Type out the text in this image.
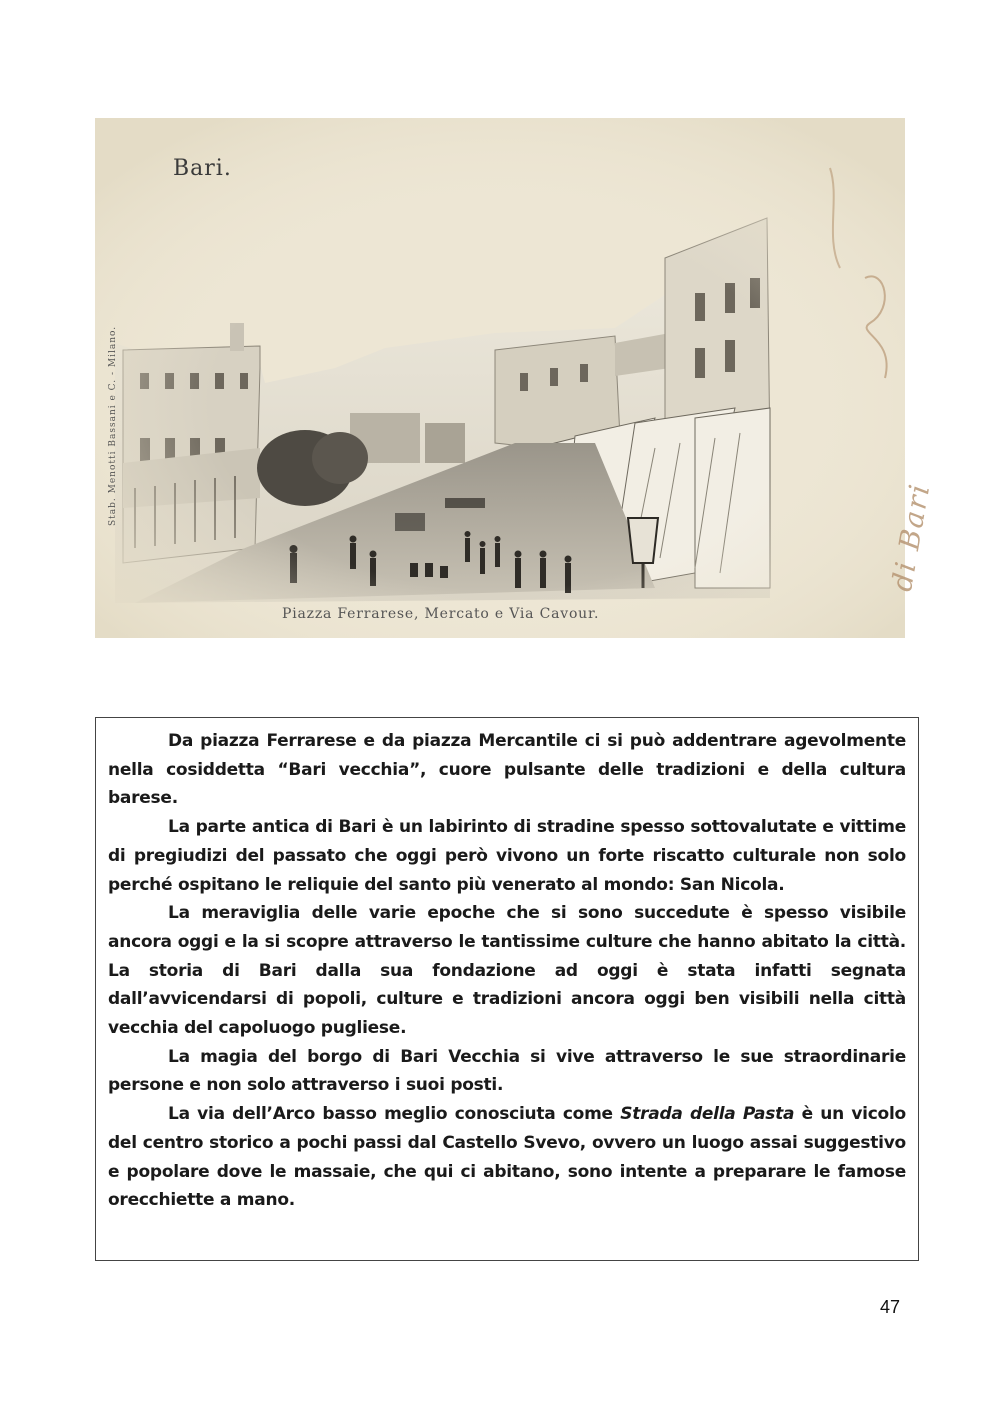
Bari.
Piazza Ferrarese, Mercato e Via Cavour.
Stab. Menotti Bassani e C. - Milano.
di Bari

Da piazza Ferrarese e da piazza Mercantile ci si può addentrare agevolmente nella cosiddetta “Bari vecchia”, cuore pulsante delle tradizioni e della cultura barese.

La parte antica di Bari è un labirinto di stradine spesso sottovalutate e vittime di pregiudizi del passato che oggi però vivono un forte riscatto culturale non solo perché ospitano le reliquie del santo più venerato al mondo: San Nicola.

La meraviglia delle varie epoche che si sono succedute è spesso visibile ancora oggi e la si scopre attraverso le tantissime culture che hanno abitato la città. La storia di Bari dalla sua fondazione ad oggi è stata infatti segnata dall’avvicendarsi di popoli, culture e tradizioni ancora oggi ben visibili nella città vecchia del capoluogo pugliese.

La magia del borgo di Bari Vecchia si vive attraverso le sue straordinarie persone e non solo attraverso i suoi posti.

La via dell’Arco basso meglio conosciuta come Strada della Pasta è un vicolo del centro storico a pochi passi dal Castello Svevo, ovvero un luogo assai suggestivo e popolare dove le massaie, che qui ci abitano, sono intente a preparare le famose orecchiette a mano.

47
